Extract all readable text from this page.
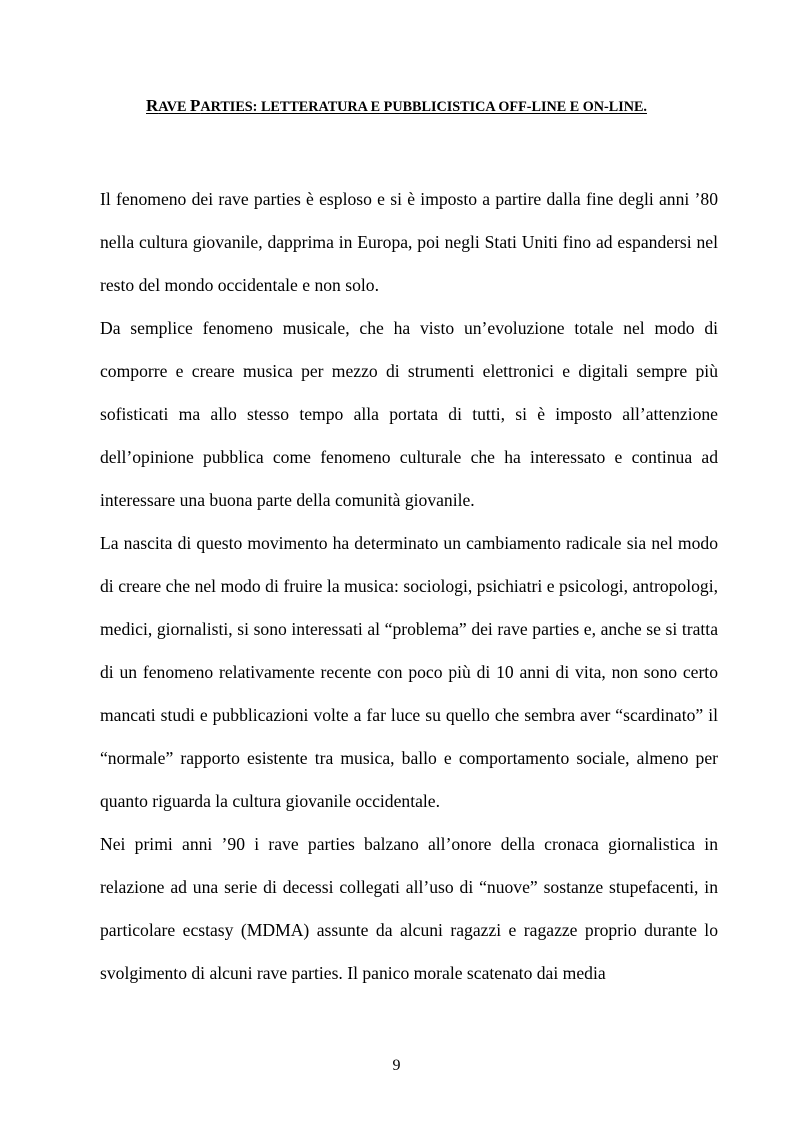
RAVE PARTIES: LETTERATURA E PUBBLICISTICA OFF-LINE E ON-LINE.

Il fenomeno dei rave parties è esploso e si è imposto a partire dalla fine degli anni ’80 nella cultura giovanile, dapprima in Europa, poi negli Stati Uniti fino ad espandersi nel resto del mondo occidentale e non solo.

Da semplice fenomeno musicale, che ha visto un’evoluzione totale nel modo di comporre e creare musica per mezzo di strumenti elettronici e digitali sempre più sofisticati ma allo stesso tempo alla portata di tutti, si è imposto all’attenzione dell’opinione pubblica come fenomeno culturale che ha interessato e continua ad interessare una buona parte della comunità giovanile.

La nascita di questo movimento ha determinato un cambiamento radicale sia nel modo di creare che nel modo di fruire la musica: sociologi, psichiatri e psicologi, antropologi, medici, giornalisti, si sono interessati al “problema” dei rave parties e, anche se si tratta di un fenomeno relativamente recente con poco più di 10 anni di vita, non sono certo mancati studi e pubblicazioni volte a far luce su quello che sembra aver “scardinato” il “normale” rapporto esistente tra musica, ballo e comportamento sociale, almeno per quanto riguarda la cultura giovanile occidentale.

Nei primi anni ’90 i rave parties balzano all’onore della cronaca giornalistica in relazione ad una serie di decessi collegati all’uso di “nuove” sostanze stupefacenti, in particolare ecstasy (MDMA) assunte da alcuni ragazzi e ragazze proprio durante lo svolgimento di alcuni rave parties. Il panico morale scatenato dai media

9
